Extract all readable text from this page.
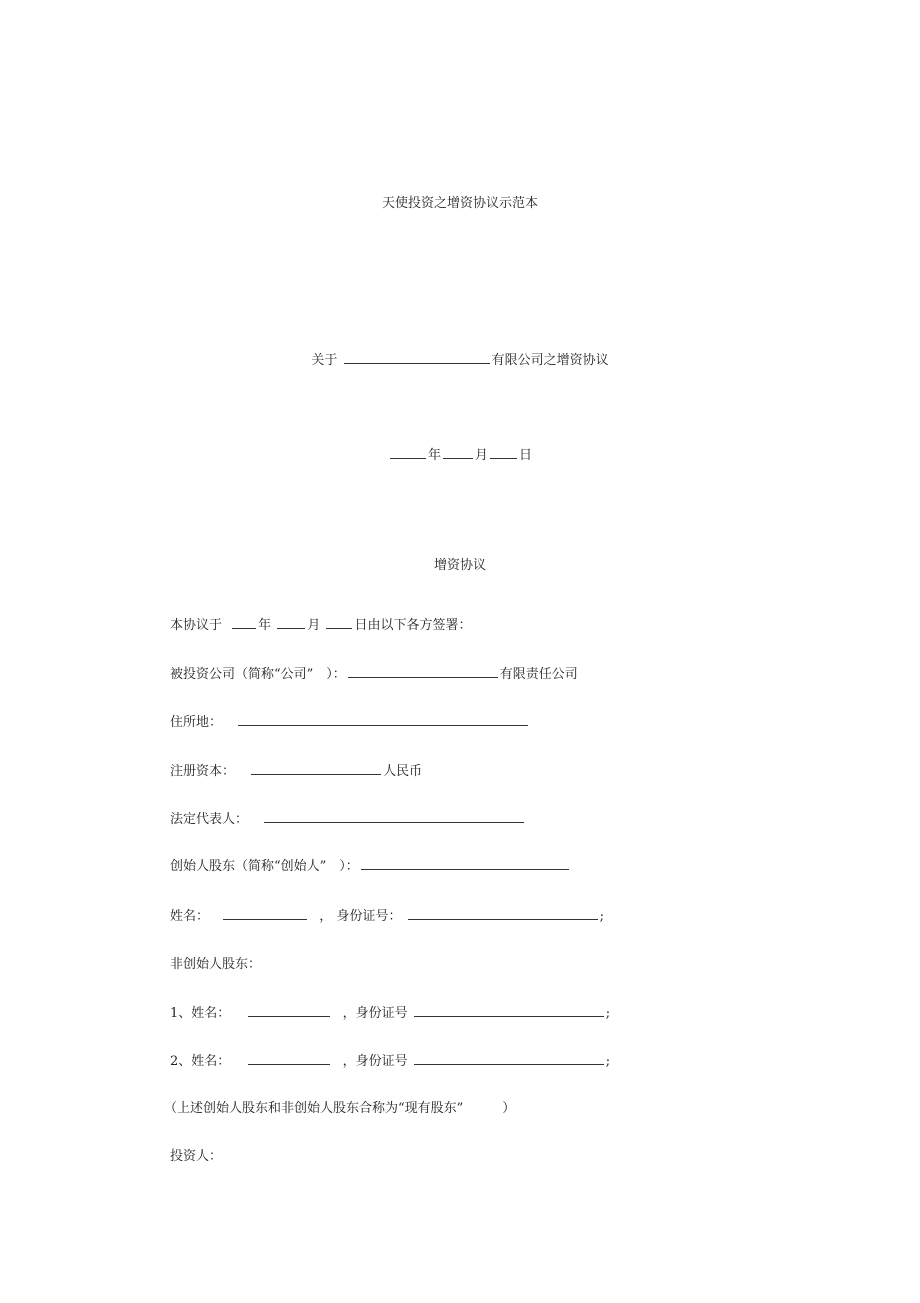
天使投资之增资协议示范本
关于	有限公司之增资协议
年	月 日
增资协议
本协议于	年	月	日由以下各方签署：
被投资公司（简称“公司”　）：	有限责任公司
住所地：
注册资本：	人民币
法定代表人：
创始人股东（简称“创始人”　）：
姓名：	， 身份证号：	;
非创始人股东：
1、姓名：	，身份证号	;
2、姓名：	，身份证号	;
（上述创始人股东和非创始人股东合称为“现有股东”　　　）
投资人：
